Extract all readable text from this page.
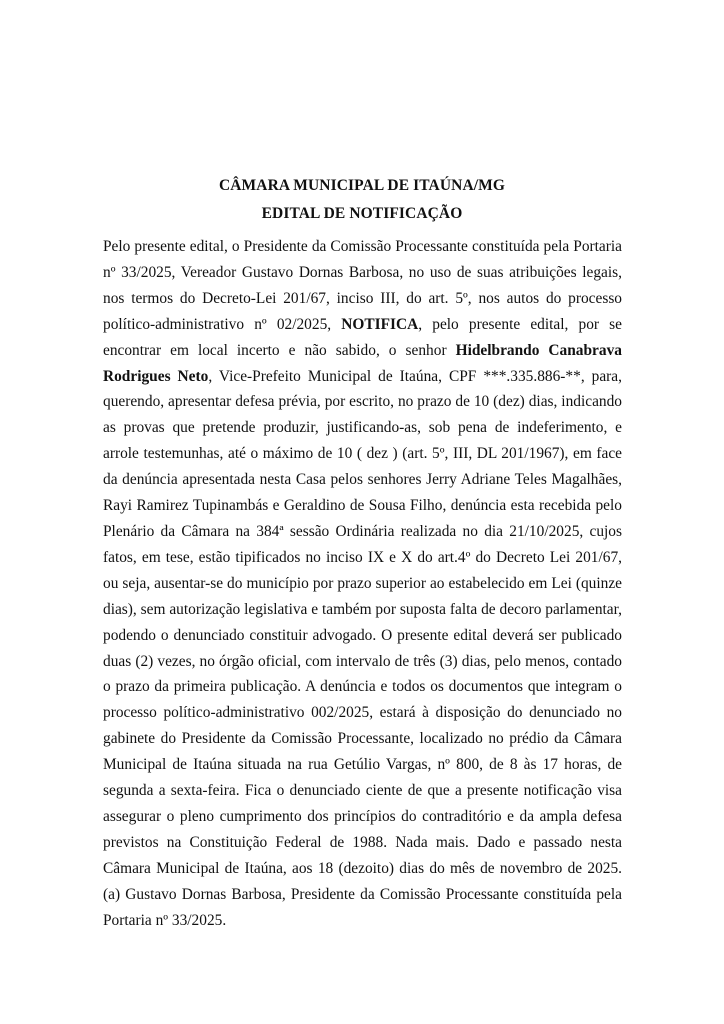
CÂMARA MUNICIPAL DE ITAÚNA/MG
EDITAL DE NOTIFICAÇÃO
Pelo presente edital, o Presidente da Comissão Processante constituída pela Portaria nº 33/2025, Vereador Gustavo Dornas Barbosa, no uso de suas atribuições legais, nos termos do Decreto-Lei 201/67, inciso III, do art. 5º, nos autos do processo político-administrativo nº 02/2025, NOTIFICA, pelo presente edital, por se encontrar em local incerto e não sabido, o senhor Hidelbrando Canabrava Rodrigues Neto, Vice-Prefeito Municipal de Itaúna, CPF ***.335.886-**, para, querendo, apresentar defesa prévia, por escrito, no prazo de 10 (dez) dias, indicando as provas que pretende produzir, justificando-as, sob pena de indeferimento, e arrole testemunhas, até o máximo de 10 ( dez ) (art. 5º, III, DL 201/1967), em face da denúncia apresentada nesta Casa pelos senhores Jerry Adriane Teles Magalhães, Rayi Ramirez Tupinambás e Geraldino de Sousa Filho, denúncia esta recebida pelo Plenário da Câmara na 384ª sessão Ordinária realizada no dia 21/10/2025, cujos fatos, em tese, estão tipificados no inciso IX e X do art.4º do Decreto Lei 201/67, ou seja, ausentar-se do município por prazo superior ao estabelecido em Lei (quinze dias), sem autorização legislativa e também por suposta falta de decoro parlamentar, podendo o denunciado constituir advogado. O presente edital deverá ser publicado duas (2) vezes, no órgão oficial, com intervalo de três (3) dias, pelo menos, contado o prazo da primeira publicação. A denúncia e todos os documentos que integram o processo político-administrativo 002/2025, estará à disposição do denunciado no gabinete do Presidente da Comissão Processante, localizado no prédio da Câmara Municipal de Itaúna situada na rua Getúlio Vargas, nº 800, de 8 às 17 horas, de segunda a sexta-feira. Fica o denunciado ciente de que a presente notificação visa assegurar o pleno cumprimento dos princípios do contraditório e da ampla defesa previstos na Constituição Federal de 1988. Nada mais. Dado e passado nesta Câmara Municipal de Itaúna, aos 18 (dezoito) dias do mês de novembro de 2025. (a) Gustavo Dornas Barbosa, Presidente da Comissão Processante constituída pela Portaria nº 33/2025.
